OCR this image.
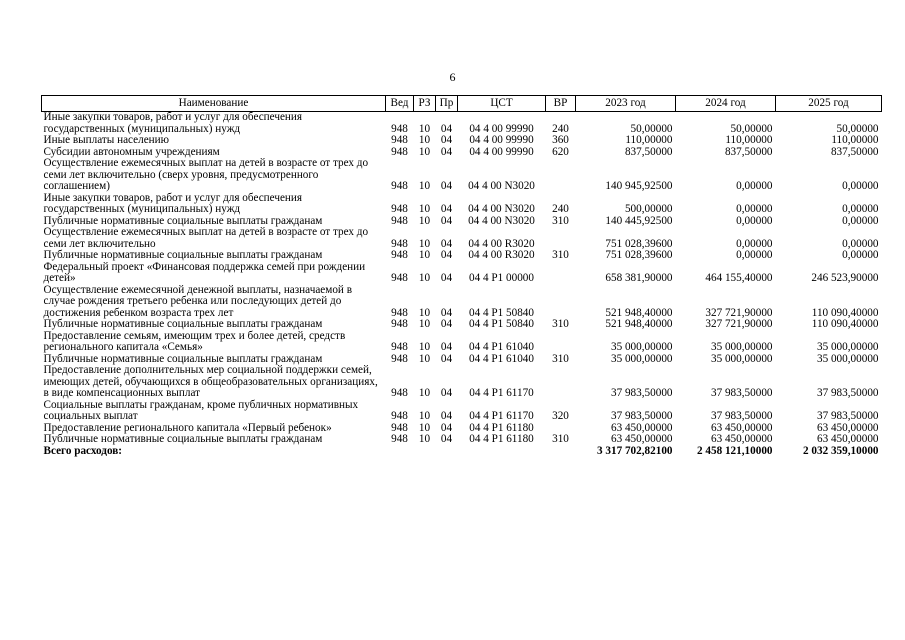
6
Наименование	Вед	РЗ	Пр	ЦСТ	ВР	2023 год	2024 год	2025 год
Иные закупки товаров, работ и услуг для обеспечения государственных (муниципальных) нужд	948	10	04	04 4 00 99990	240	50,00000	50,00000	50,00000
Иные выплаты населению	948	10	04	04 4 00 99990	360	110,00000	110,00000	110,00000
Субсидии автономным учреждениям	948	10	04	04 4 00 99990	620	837,50000	837,50000	837,50000
Осуществление ежемесячных выплат на детей в возрасте от трех до семи лет включительно (сверх уровня, предусмотренного соглашением)	948	10	04	04 4 00 N3020		140 945,92500	0,00000	0,00000
Иные закупки товаров, работ и услуг для обеспечения государственных (муниципальных) нужд	948	10	04	04 4 00 N3020	240	500,00000	0,00000	0,00000
Публичные нормативные социальные выплаты гражданам	948	10	04	04 4 00 N3020	310	140 445,92500	0,00000	0,00000
Осуществление ежемесячных выплат на детей в возрасте от трех до семи лет включительно	948	10	04	04 4 00 R3020		751 028,39600	0,00000	0,00000
Публичные нормативные социальные выплаты гражданам	948	10	04	04 4 00 R3020	310	751 028,39600	0,00000	0,00000
Федеральный проект «Финансовая поддержка семей при рождении детей»	948	10	04	04 4 P1 00000		658 381,90000	464 155,40000	246 523,90000
Осуществление ежемесячной денежной выплаты, назначаемой в случае рождения третьего ребенка или последующих детей до достижения ребенком возраста трех лет	948	10	04	04 4 P1 50840		521 948,40000	327 721,90000	110 090,40000
Публичные нормативные социальные выплаты гражданам	948	10	04	04 4 P1 50840	310	521 948,40000	327 721,90000	110 090,40000
Предоставление семьям, имеющим трех и более детей, средств регионального капитала «Семья»	948	10	04	04 4 P1 61040		35 000,00000	35 000,00000	35 000,00000
Публичные нормативные социальные выплаты гражданам	948	10	04	04 4 P1 61040	310	35 000,00000	35 000,00000	35 000,00000
Предоставление дополнительных мер социальной поддержки семей, имеющих детей, обучающихся в общеобразовательных организациях, в виде компенсационных выплат	948	10	04	04 4 P1 61170		37 983,50000	37 983,50000	37 983,50000
Социальные выплаты гражданам, кроме публичных нормативных социальных выплат	948	10	04	04 4 P1 61170	320	37 983,50000	37 983,50000	37 983,50000
Предоставление регионального капитала «Первый ребенок»	948	10	04	04 4 P1 61180		63 450,00000	63 450,00000	63 450,00000
Публичные нормативные социальные выплаты гражданам	948	10	04	04 4 P1 61180	310	63 450,00000	63 450,00000	63 450,00000
Всего расходов:						3 317 702,82100	2 458 121,10000	2 032 359,10000
